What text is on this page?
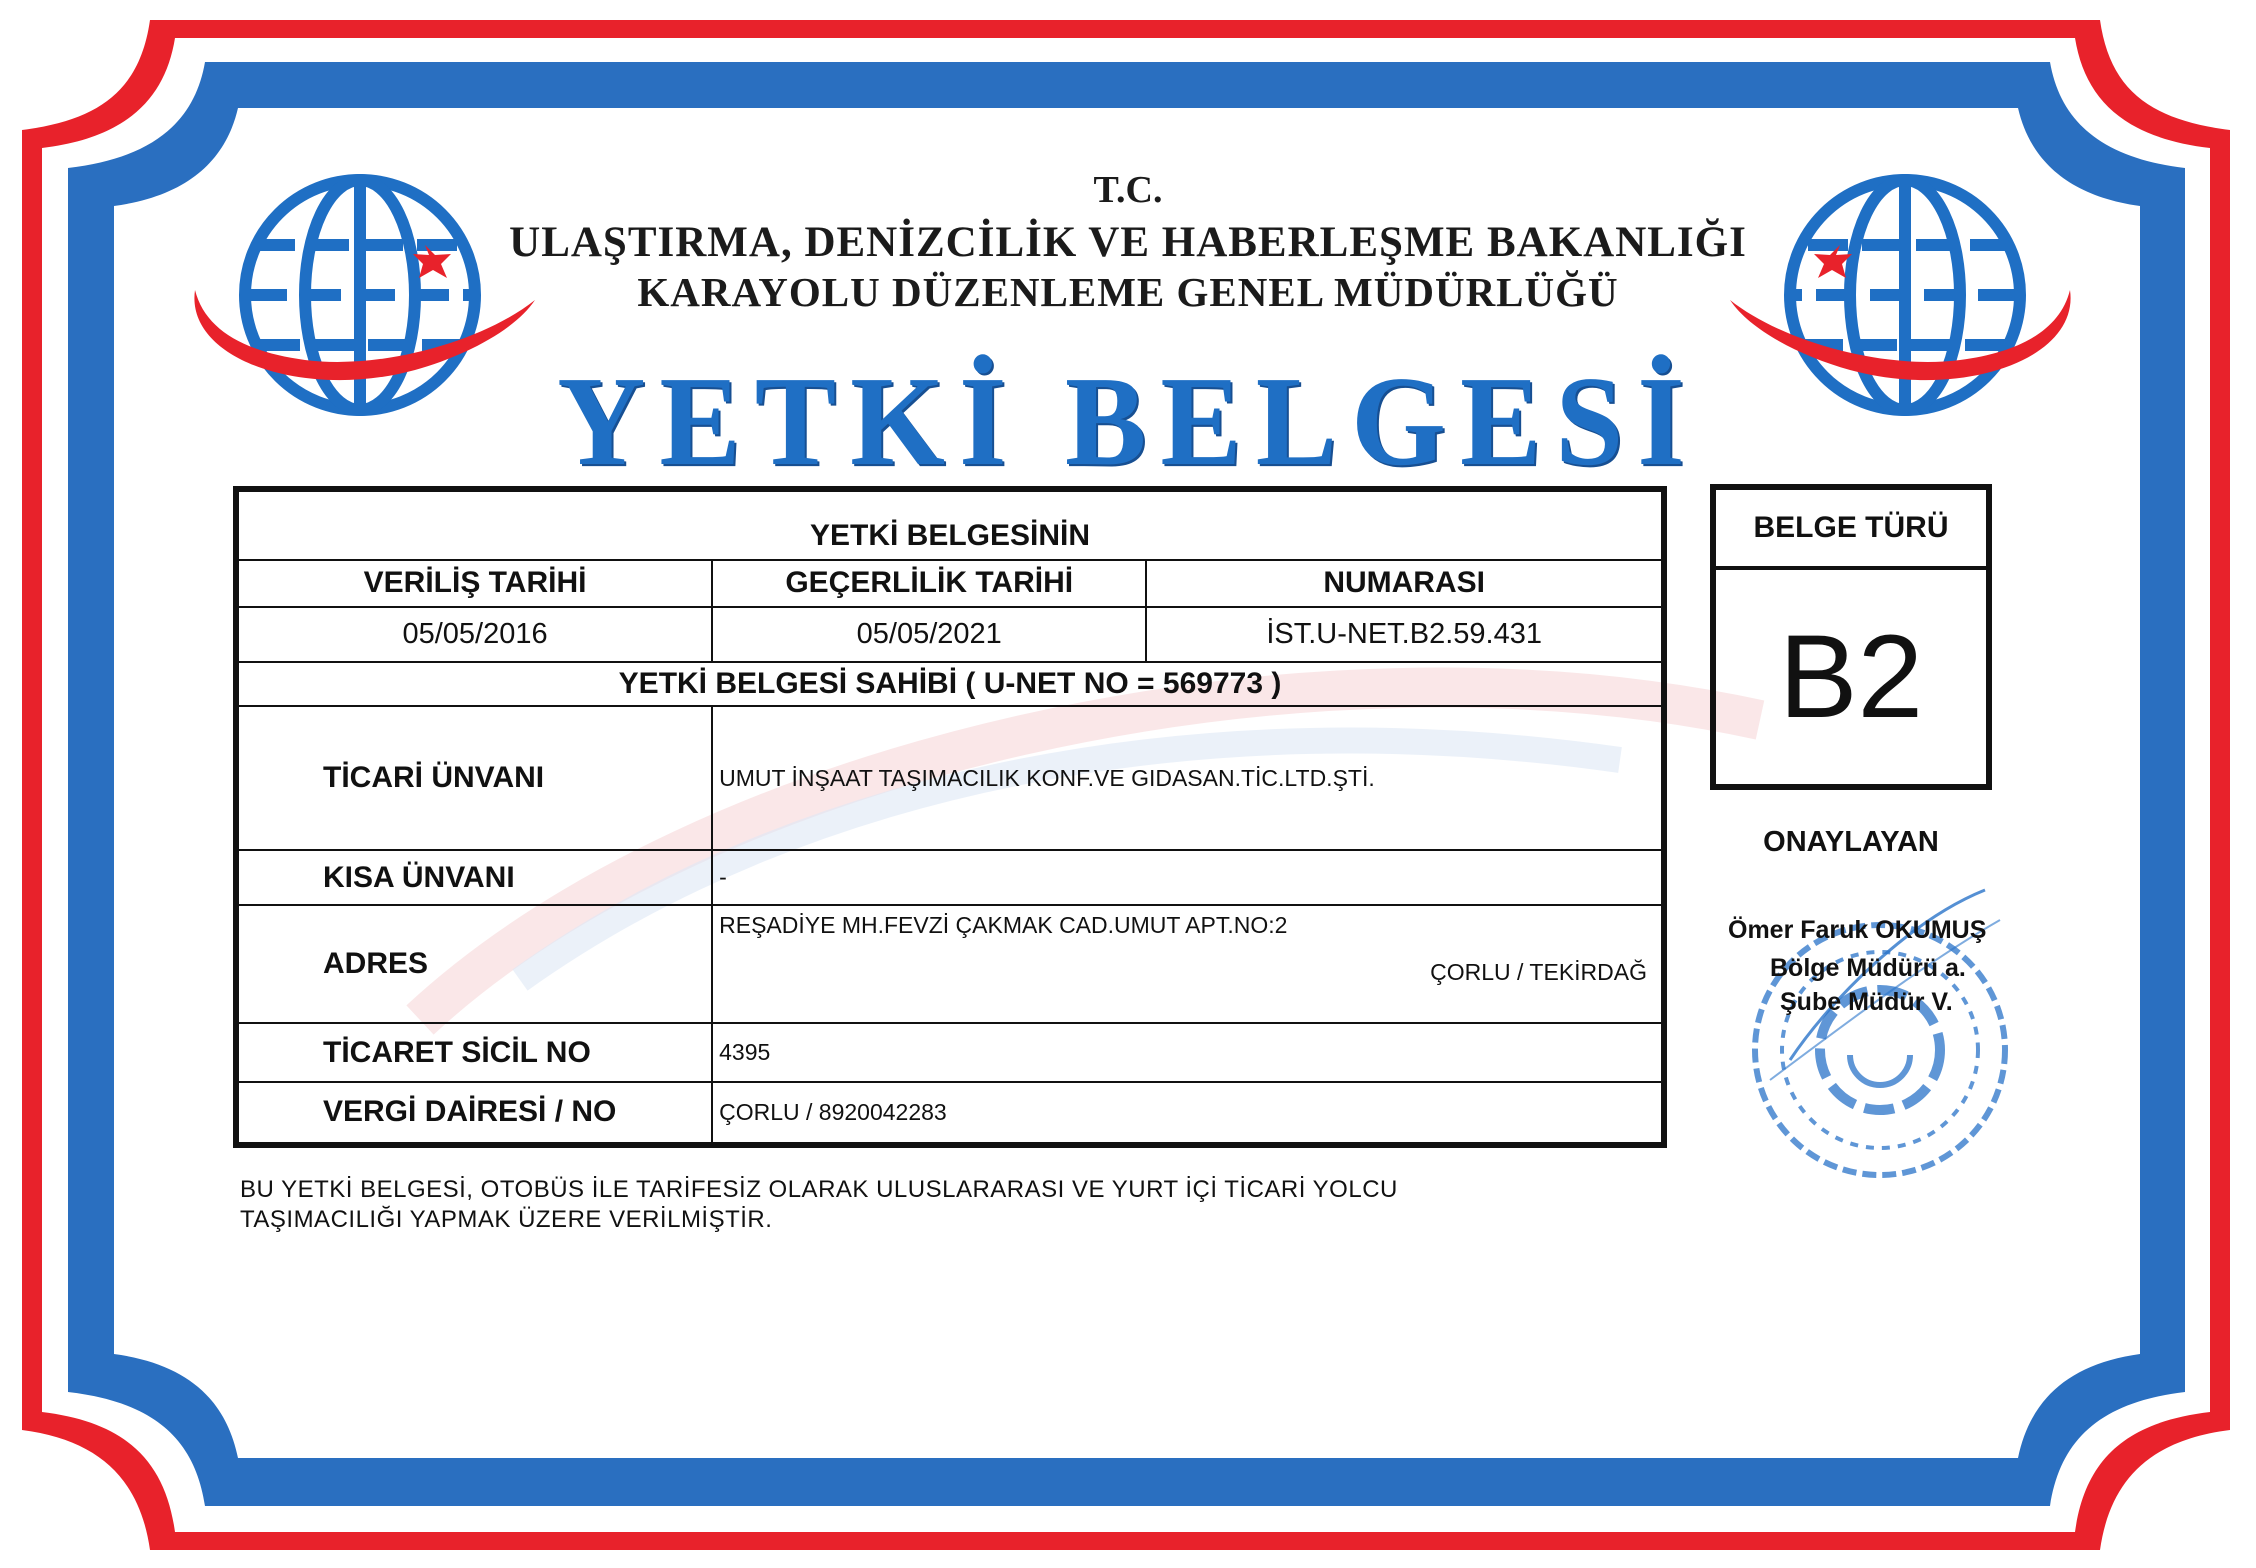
T.C.
ULAŞTIRMA, DENİZCİLİK VE HABERLEŞME BAKANLIĞI
KARAYOLU DÜZENLEME GENEL MÜDÜRLÜĞÜ
YETKİ BELGESİ
YETKİ BELGESİNİN		
VERİLİŞ TARİHİ	GEÇERLİLİK TARİHİ	NUMARASI
05/05/2016	05/05/2021	İST.U-NET.B2.59.431
YETKİ BELGESİ SAHİBİ ( U-NET NO = 569773 )		
TİCARİ ÜNVANI	UMUT İNŞAAT TAŞIMACILIK KONF.VE GIDASAN.TİC.LTD.ŞTİ.	
KISA ÜNVANI	-	
ADRES	REŞADİYE MH.FEVZİ ÇAKMAK CAD.UMUT APT.NO:2
ÇORLU / TEKİRDAĞ	

TİCARET SİCİL NO	4395	
VERGİ DAİRESİ / NO	ÇORLU / 8920042283	
BELGE TÜRÜ
B2
ONAYLAYAN
Ömer Faruk OKUMUŞ
Bölge Müdürü a.
Şube Müdür V.
BU YETKİ BELGESİ, OTOBÜS İLE TARİFESİZ OLARAK ULUSLARARASI VE YURT İÇİ TİCARİ YOLCU
TAŞIMACILIĞI YAPMAK ÜZERE VERİLMİŞTİR.
